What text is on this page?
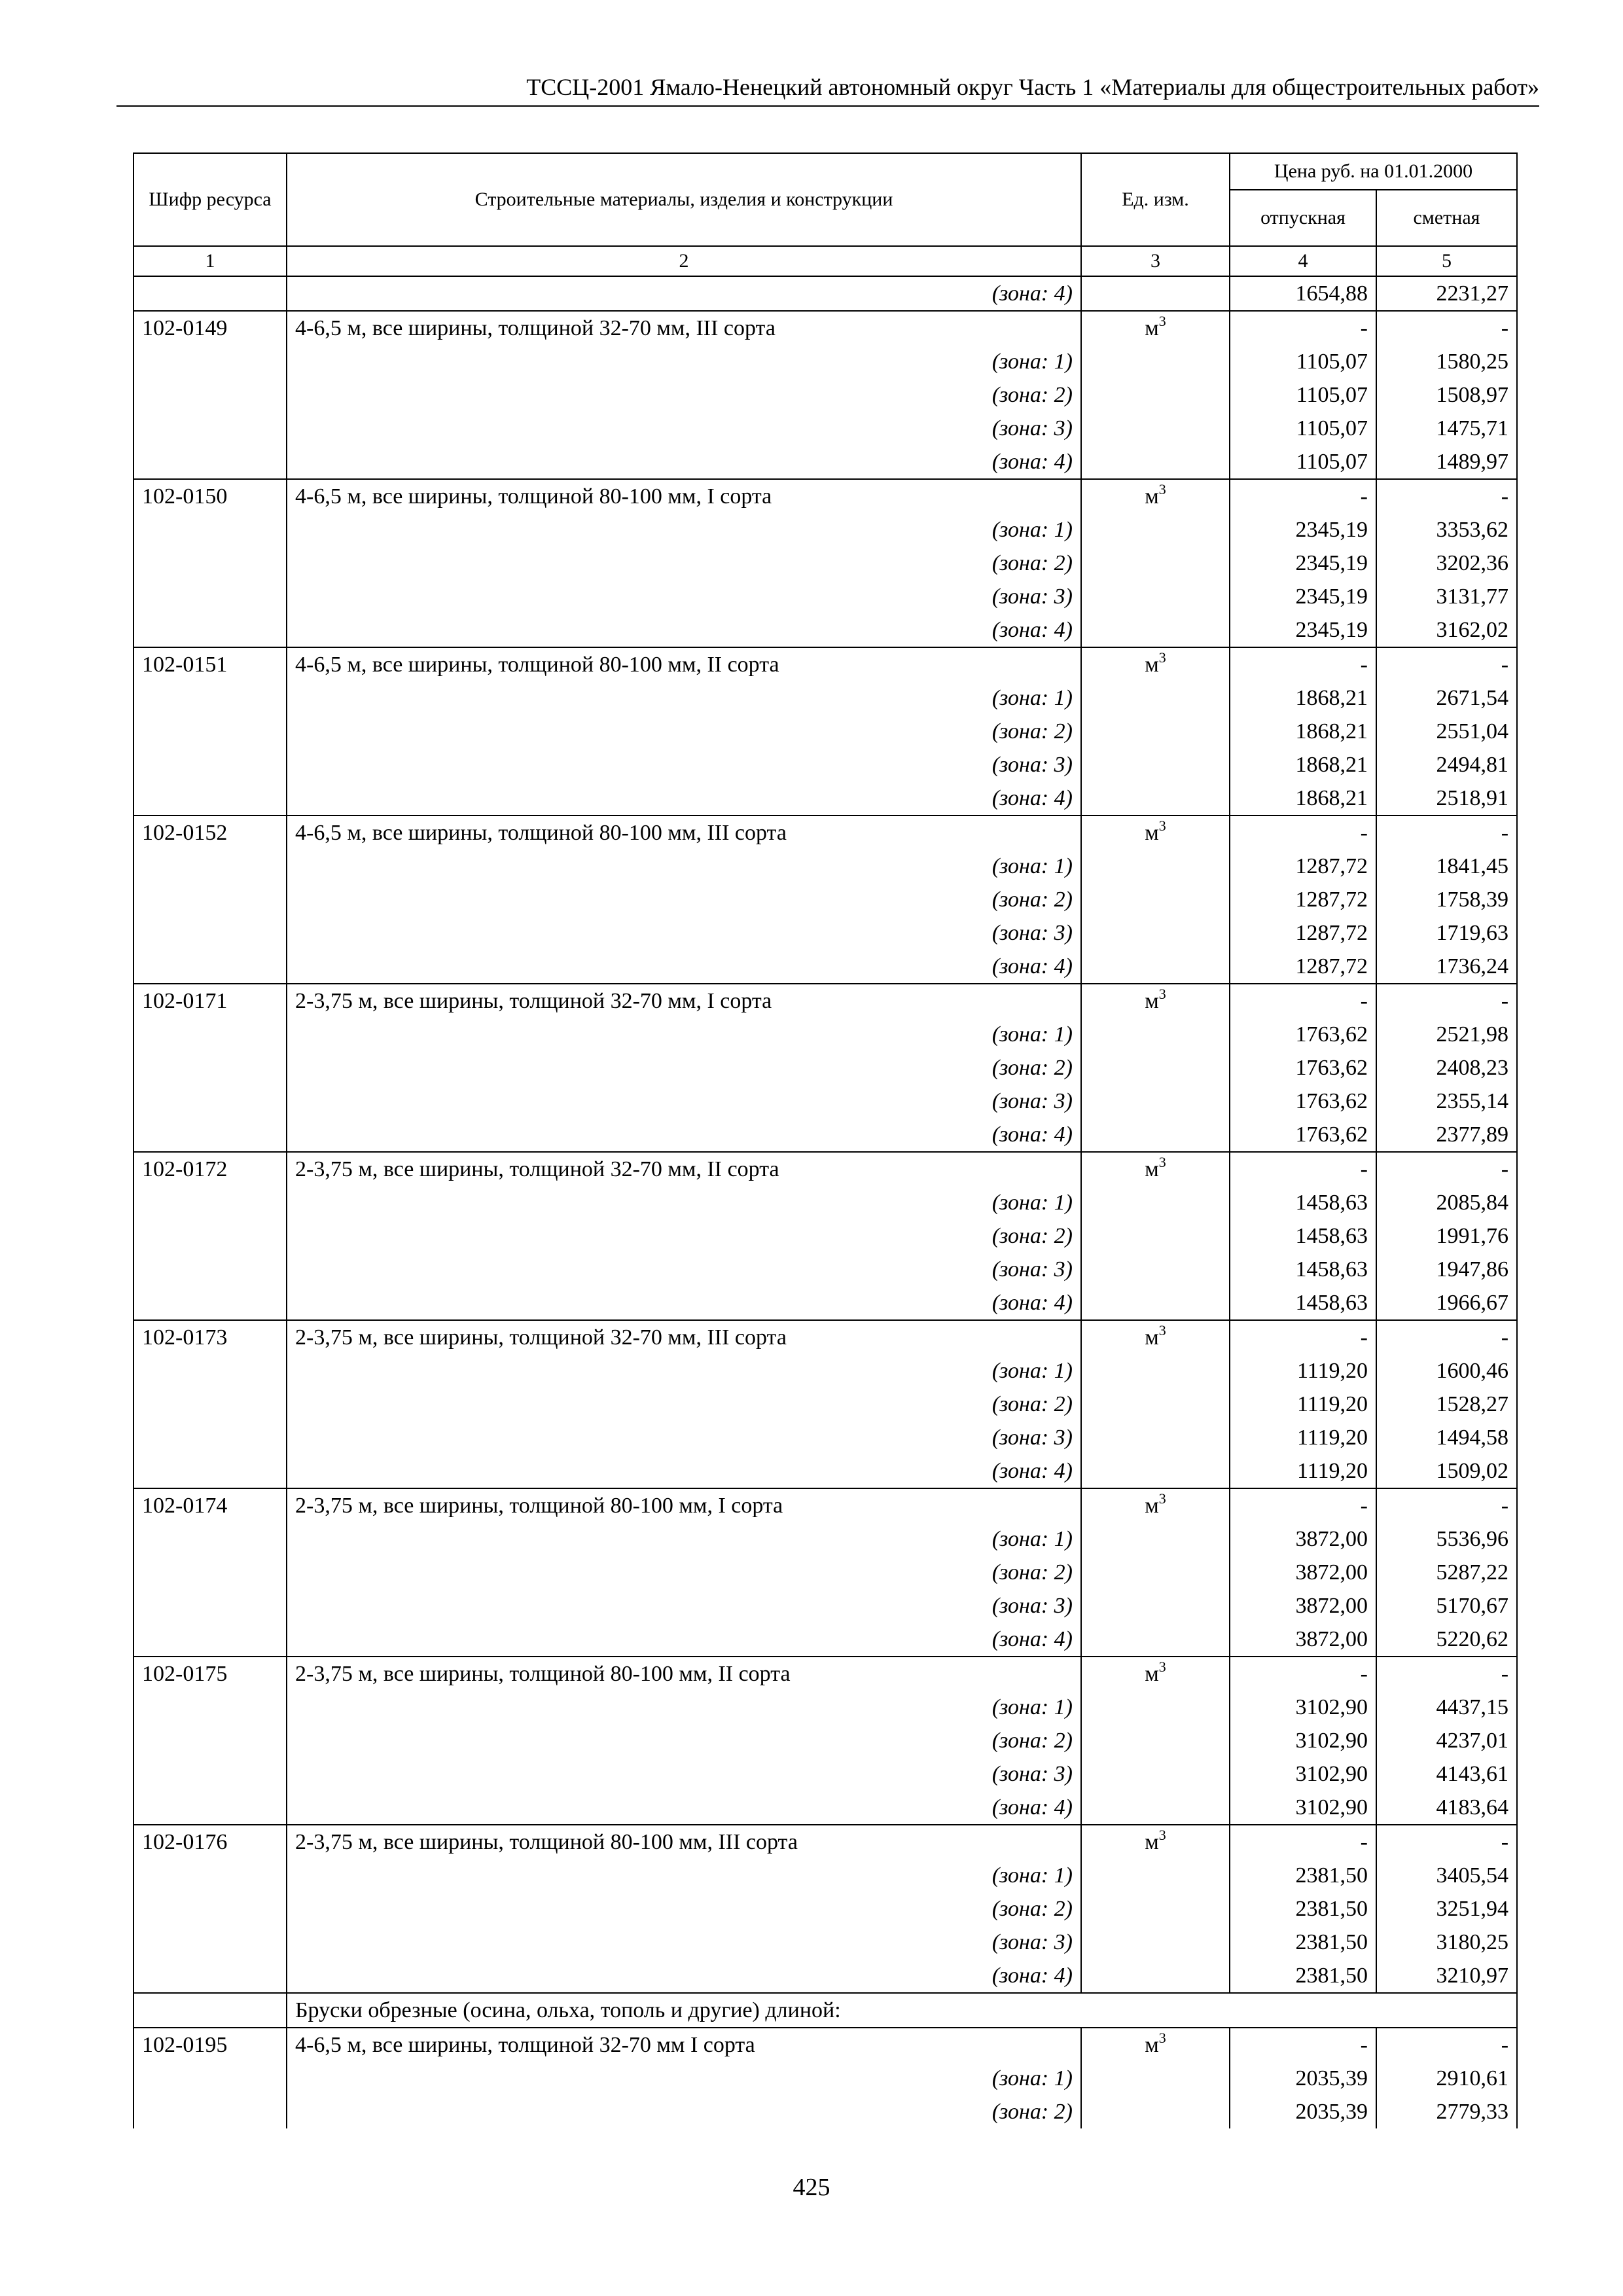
ТССЦ-2001 Ямало-Ненецкий автономный округ Часть 1 «Материалы для общестроительных работ»
Шифр ресурса	Строительные материалы, изделия и конструкции	Ед. изм.	Цена руб. на 01.01.2000	
			отпускная	сметная
1	2	3	4	5
	(зона: 4)		1654,88	2231,27
102-0149	4-6,5 м, все ширины, толщиной 32-70 мм, III сорта	$м^3$	-	-
	(зона: 1)		1105,07	1580,25
	(зона: 2)		1105,07	1508,97
	(зона: 3)		1105,07	1475,71
	(зона: 4)		1105,07	1489,97
102-0150	4-6,5 м, все ширины, толщиной 80-100 мм, I сорта	$м^3$	-	-
	(зона: 1)		2345,19	3353,62
	(зона: 2)		2345,19	3202,36
	(зона: 3)		2345,19	3131,77
	(зона: 4)		2345,19	3162,02
102-0151	4-6,5 м, все ширины, толщиной 80-100 мм, II сорта	$м^3$	-	-
	(зона: 1)		1868,21	2671,54
	(зона: 2)		1868,21	2551,04
	(зона: 3)		1868,21	2494,81
	(зона: 4)		1868,21	2518,91
102-0152	4-6,5 м, все ширины, толщиной 80-100 мм, III сорта	$м^3$	-	-
	(зона: 1)		1287,72	1841,45
	(зона: 2)		1287,72	1758,39
	(зона: 3)		1287,72	1719,63
	(зона: 4)		1287,72	1736,24
102-0171	2-3,75 м, все ширины, толщиной 32-70 мм, I сорта	$м^3$	-	-
	(зона: 1)		1763,62	2521,98
	(зона: 2)		1763,62	2408,23
	(зона: 3)		1763,62	2355,14
	(зона: 4)		1763,62	2377,89
102-0172	2-3,75 м, все ширины, толщиной 32-70 мм, II сорта	$м^3$	-	-
	(зона: 1)		1458,63	2085,84
	(зона: 2)		1458,63	1991,76
	(зона: 3)		1458,63	1947,86
	(зона: 4)		1458,63	1966,67
102-0173	2-3,75 м, все ширины, толщиной 32-70 мм, III сорта	$м^3$	-	-
	(зона: 1)		1119,20	1600,46
	(зона: 2)		1119,20	1528,27
	(зона: 3)		1119,20	1494,58
	(зона: 4)		1119,20	1509,02
102-0174	2-3,75 м, все ширины, толщиной 80-100 мм, I сорта	$м^3$	-	-
	(зона: 1)		3872,00	5536,96
	(зона: 2)		3872,00	5287,22
	(зона: 3)		3872,00	5170,67
	(зона: 4)		3872,00	5220,62
102-0175	2-3,75 м, все ширины, толщиной 80-100 мм, II сорта	$м^3$	-	-
	(зона: 1)		3102,90	4437,15
	(зона: 2)		3102,90	4237,01
	(зона: 3)		3102,90	4143,61
	(зона: 4)		3102,90	4183,64
102-0176	2-3,75 м, все ширины, толщиной 80-100 мм, III сорта	$м^3$	-	-
	(зона: 1)		2381,50	3405,54
	(зона: 2)		2381,50	3251,94
	(зона: 3)		2381,50	3180,25
	(зона: 4)		2381,50	3210,97
	Бруски обрезные (осина, ольха, тополь и другие) длиной:			
102-0195	4-6,5 м, все ширины, толщиной 32-70 мм I сорта	$м^3$	-	-
	(зона: 1)		2035,39	2910,61
	(зона: 2)		2035,39	2779,33
425
